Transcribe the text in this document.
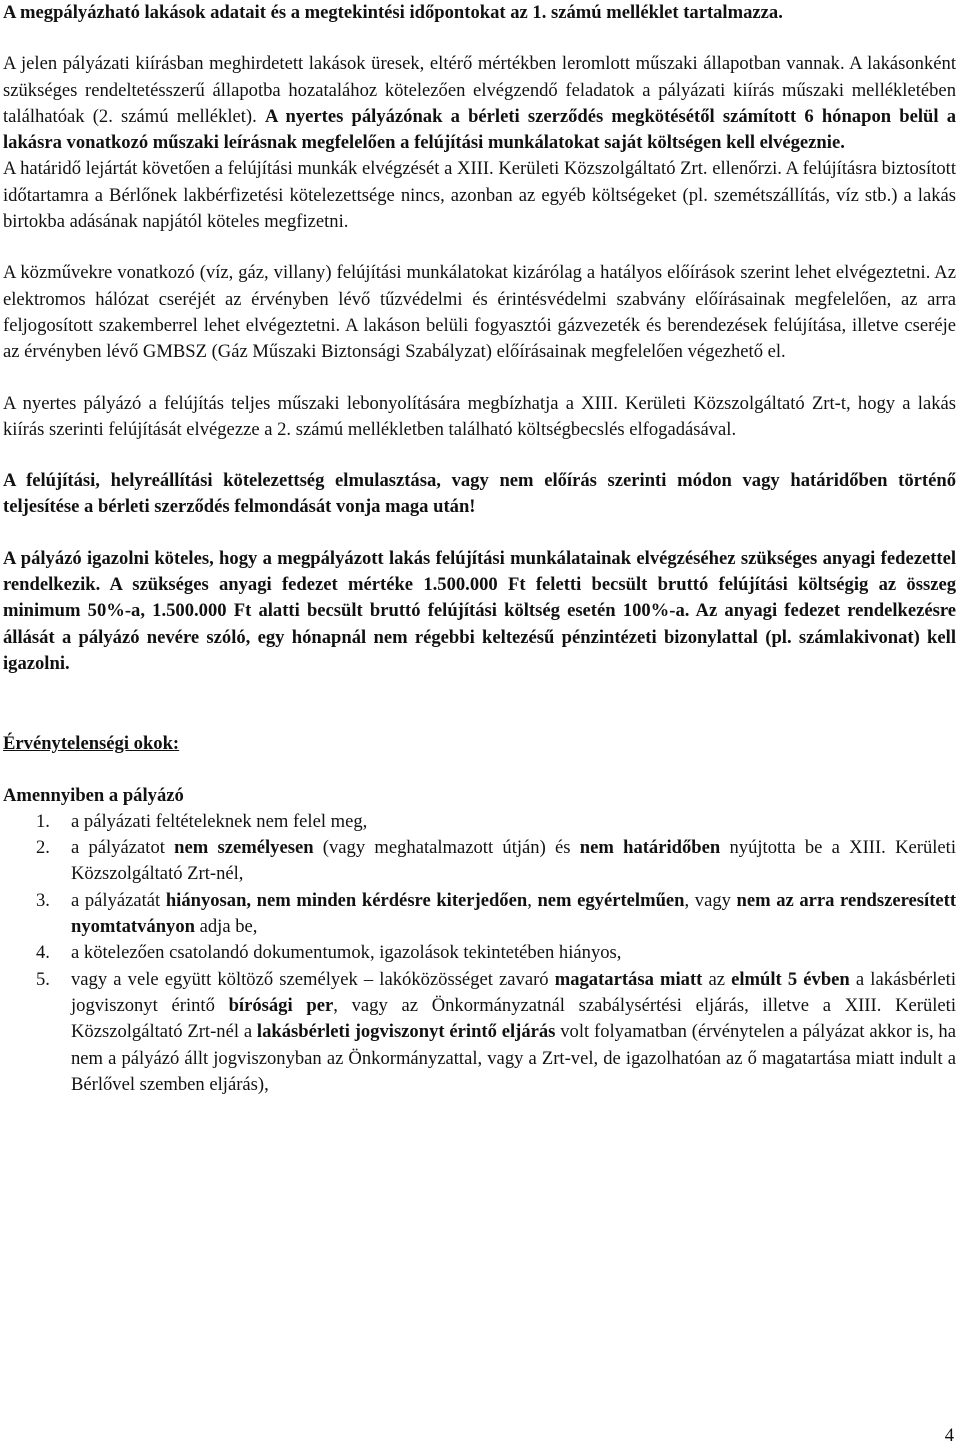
A megpályázható lakások adatait és a megtekintési időpontokat az 1. számú melléklet tartalmazza.

A jelen pályázati kiírásban meghirdetett lakások üresek, eltérő mértékben leromlott műszaki állapotban vannak. A lakásonként szükséges rendeltetésszerű állapotba hozatalához kötelezően elvégzendő feladatok a pályázati kiírás műszaki mellékletében találhatóak (2. számú melléklet). A nyertes pályázónak a bérleti szerződés megkötésétől számított 6 hónapon belül a lakásra vonatkozó műszaki leírásnak megfelelően a felújítási munkálatokat saját költségen kell elvégeznie.
A határidő lejártát követően a felújítási munkák elvégzését a XIII. Kerületi Közszolgáltató Zrt. ellenőrzi. A felújításra biztosított időtartamra a Bérlőnek lakbérfizetési kötelezettsége nincs, azonban az egyéb költségeket (pl. szemétszállítás, víz stb.) a lakás birtokba adásának napjától köteles megfizetni.

A közművekre vonatkozó (víz, gáz, villany) felújítási munkálatokat kizárólag a hatályos előírások szerint lehet elvégeztetni. Az elektromos hálózat cseréjét az érvényben lévő tűzvédelmi és érintésvédelmi szabvány előírásainak megfelelően, az arra feljogosított szakemberrel lehet elvégeztetni. A lakáson belüli fogyasztói gázvezeték és berendezések felújítása, illetve cseréje az érvényben lévő GMBSZ (Gáz Műszaki Biztonsági Szabályzat) előírásainak megfelelően végezhető el.

A nyertes pályázó a felújítás teljes műszaki lebonyolítására megbízhatja a XIII. Kerületi Közszolgáltató Zrt-t, hogy a lakás kiírás szerinti felújítását elvégezze a 2. számú mellékletben található költségbecslés elfogadásával.

A felújítási, helyreállítási kötelezettség elmulasztása, vagy nem előírás szerinti módon vagy határidőben történő teljesítése a bérleti szerződés felmondását vonja maga után!

A pályázó igazolni köteles, hogy a megpályázott lakás felújítási munkálatainak elvégzéséhez szükséges anyagi fedezettel rendelkezik. A szükséges anyagi fedezet mértéke 1.500.000 Ft feletti becsült bruttó felújítási költségig az összeg minimum 50%-a, 1.500.000 Ft alatti becsült bruttó felújítási költség esetén 100%-a. Az anyagi fedezet rendelkezésre állását a pályázó nevére szóló, egy hónapnál nem régebbi keltezésű pénzintézeti bizonylattal (pl. számlakivonat) kell igazolni.

Érvénytelenségi okok:

Amennyiben a pályázó

1. a pályázati feltételeknek nem felel meg,
2. a pályázatot nem személyesen (vagy meghatalmazott útján) és nem határidőben nyújtotta be a XIII. Kerületi Közszolgáltató Zrt-nél,
3. a pályázatát hiányosan, nem minden kérdésre kiterjedően, nem egyértelműen, vagy nem az arra rendszeresített nyomtatványon adja be,
4. a kötelezően csatolandó dokumentumok, igazolások tekintetében hiányos,
5. vagy a vele együtt költöző személyek – lakóközösséget zavaró magatartása miatt az elmúlt 5 évben a lakásbérleti jogviszonyt érintő bírósági per, vagy az Önkormányzatnál szabálysértési eljárás, illetve a XIII. Kerületi Közszolgáltató Zrt-nél a lakásbérleti jogviszonyt érintő eljárás volt folyamatban (érvénytelen a pályázat akkor is, ha nem a pályázó állt jogviszonyban az Önkormányzattal, vagy a Zrt-vel, de igazolhatóan az ő magatartása miatt indult a Bérlővel szemben eljárás),
4
